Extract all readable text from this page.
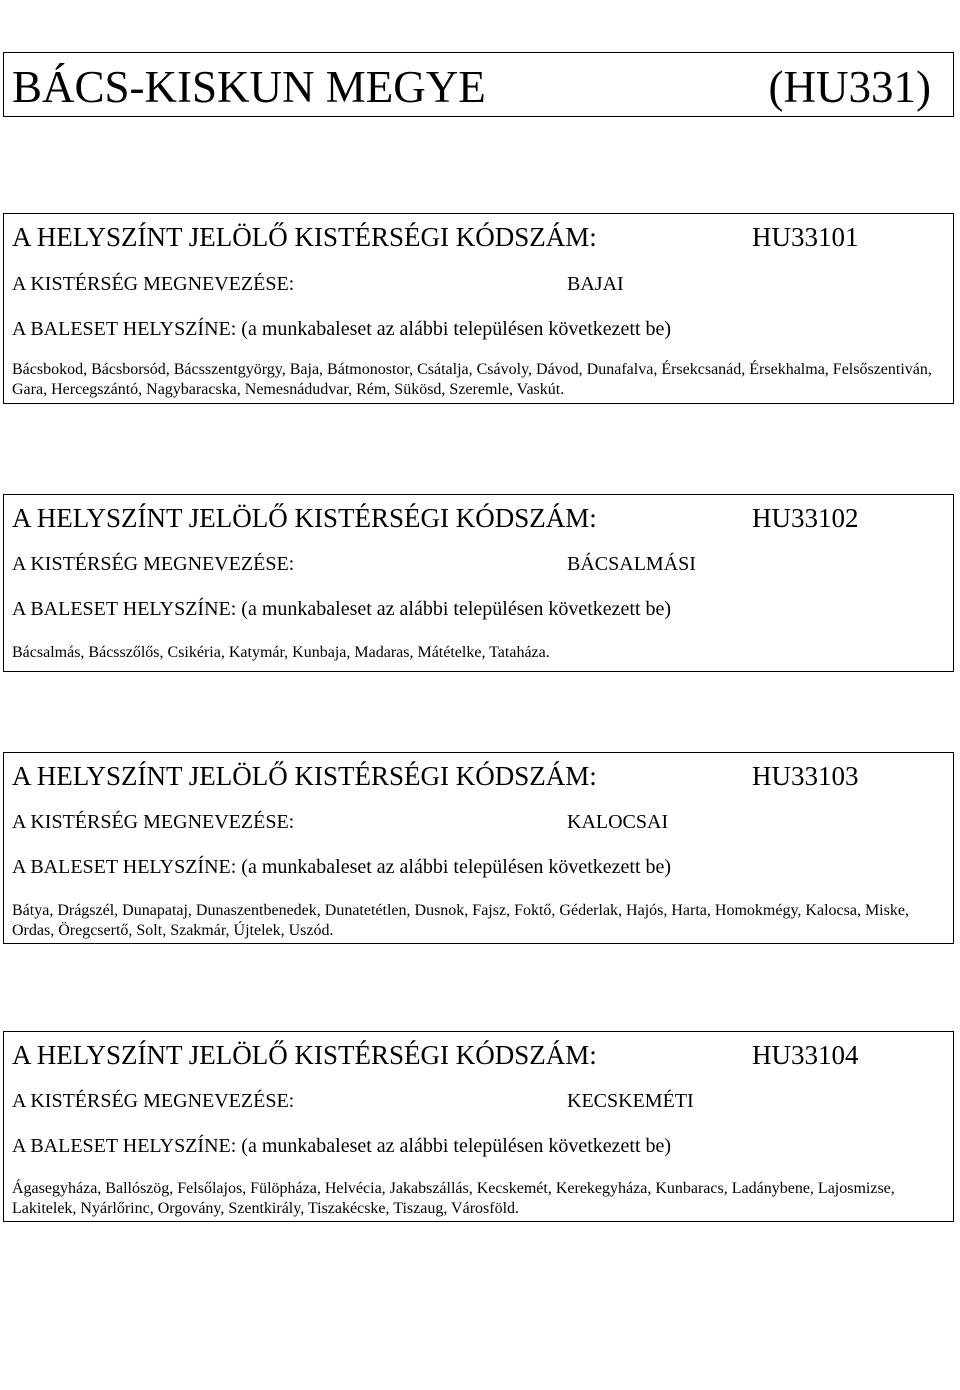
BÁCS-KISKUN MEGYE	(HU331)
A HELYSZÍNT JELÖLŐ KISTÉRSÉGI KÓDSZÁM:	HU33101
A KISTÉRSÉG MEGNEVEZÉSE:	BAJAI
A BALESET HELYSZÍNE: (a munkabaleset az alábbi településen következett be)
Bácsbokod, Bácsborsód, Bácsszentgyörgy, Baja, Bátmonostor, Csátalja, Csávoly, Dávod, Dunafalva, Érsekcsanád, Érsekhalma, Felsőszentiván, Gara, Hercegszántó, Nagybaracska, Nemesnádudvar, Rém, Sükösd, Szeremle, Vaskút.
A HELYSZÍNT JELÖLŐ KISTÉRSÉGI KÓDSZÁM:	HU33102
A KISTÉRSÉG MEGNEVEZÉSE:	BÁCSALMÁSI
A BALESET HELYSZÍNE: (a munkabaleset az alábbi településen következett be)
Bácsalmás, Bácsszőlős, Csikéria, Katymár, Kunbaja, Madaras, Mátételke, Tataháza.
A HELYSZÍNT JELÖLŐ KISTÉRSÉGI KÓDSZÁM:	HU33103
A KISTÉRSÉG MEGNEVEZÉSE:	KALOCSAI
A BALESET HELYSZÍNE: (a munkabaleset az alábbi településen következett be)
Bátya, Drágszél, Dunapataj, Dunaszentbenedek, Dunatetétlen, Dusnok, Fajsz, Foktő, Géderlak, Hajós, Harta, Homokmégy, Kalocsa, Miske, Ordas, Öregcsertő, Solt, Szakmár, Újtelek, Uszód.
A HELYSZÍNT JELÖLŐ KISTÉRSÉGI KÓDSZÁM:	HU33104
A KISTÉRSÉG MEGNEVEZÉSE:	KECSKEMÉTI
A BALESET HELYSZÍNE: (a munkabaleset az alábbi településen következett be)
Ágasegyháza, Ballószög, Felsőlajos, Fülöpháza, Helvécia, Jakabszállás, Kecskemét, Kerekegyháza, Kunbaracs, Ladánybene, Lajosmizse, Lakitelek, Nyárlőrinc, Orgovány, Szentkirály, Tiszakécske, Tiszaug, Városföld.
